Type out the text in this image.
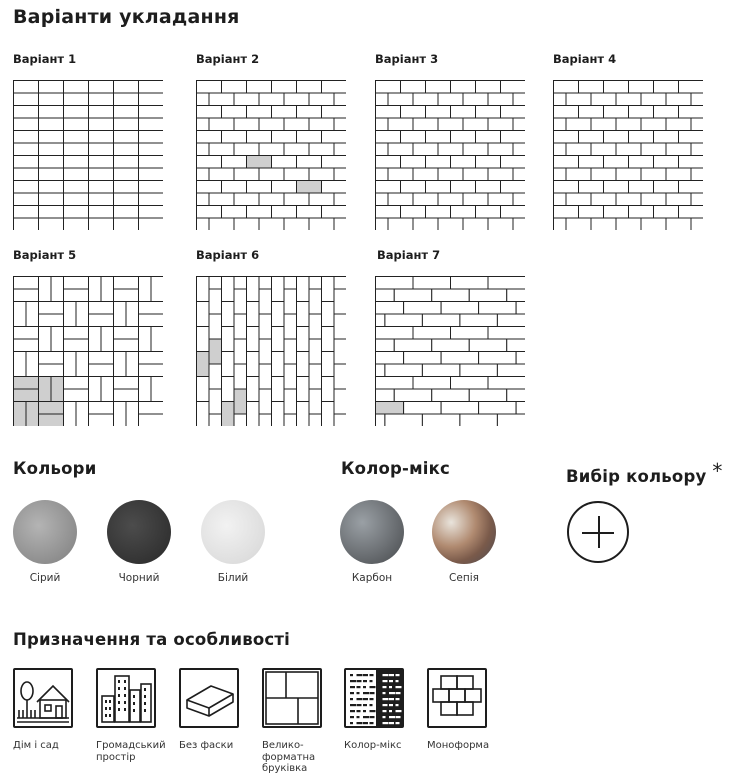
Варіанти укладання
Варіант 1	Варіант 2	Варіант 3	Варіант 4
Варіант 5	Варіант 6	Варіант 7
Кольори	Колор-мікс	Вибір кольору *
Сірий	Чорний	Білий	Карбон	Сепія
Призначення та особливості
Дім і сад	Громадський
простір
Без фаски	Велико-
форматна
бруківка
Колор-мікс	Моноформа
